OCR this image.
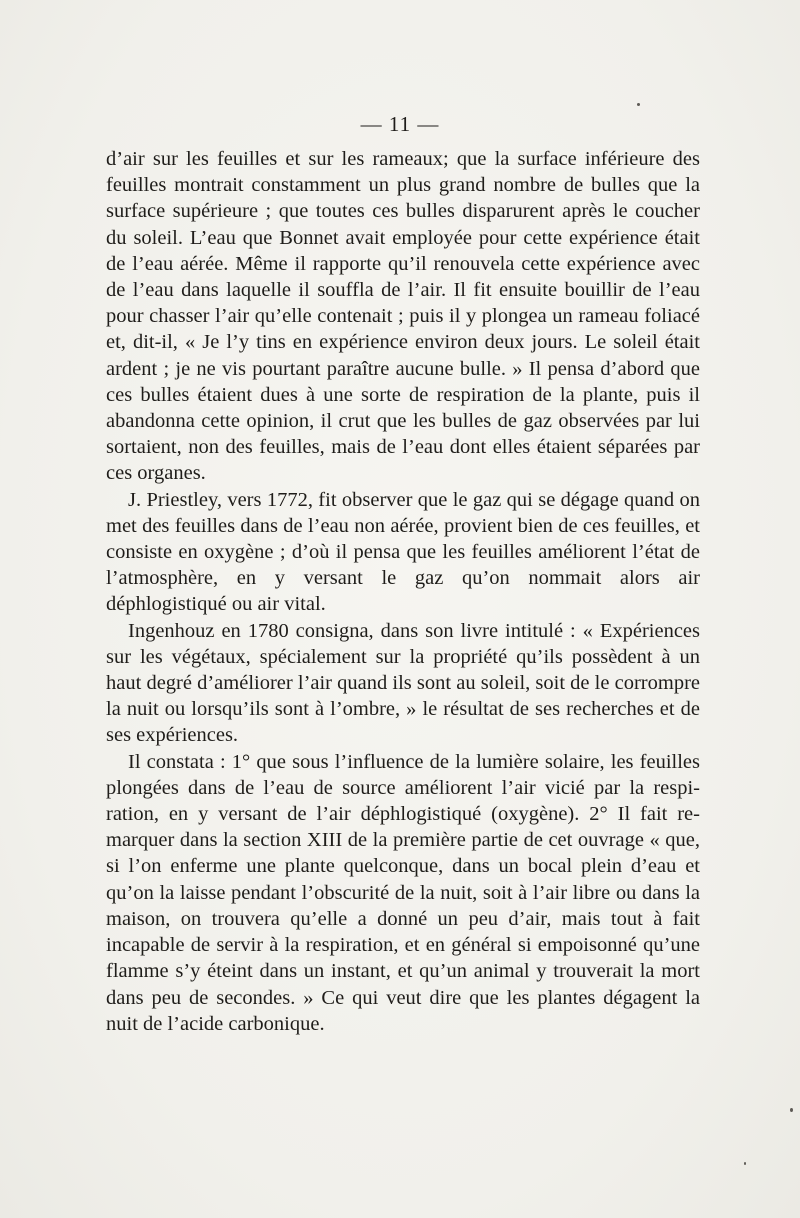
— 11 —

d’air sur les feuilles et sur les rameaux; que la surface inférieure des feuilles montrait constamment un plus grand nombre de bulles que la surface supérieure ; que toutes ces bulles disparurent après le coucher du soleil. L’eau que Bonnet avait employée pour cette expérience était de l’eau aérée. Même il rapporte qu’il renouvela cette expérience avec de l’eau dans laquelle il souffla de l’air. Il fit ensuite bouillir de l’eau pour chasser l’air qu’elle contenait ; puis il y plongea un rameau foliacé et, dit-il, « Je l’y tins en expérience environ deux jours. Le soleil était ardent ; je ne vis pourtant paraître aucune bulle. » Il pensa d’abord que ces bulles étaient dues à une sorte de respiration de la plante, puis il abandonna cette opinion, il crut que les bulles de gaz observées par lui sortaient, non des feuilles, mais de l’eau dont elles étaient séparées par ces organes.

J. Priestley, vers 1772, fit observer que le gaz qui se dégage quand on met des feuilles dans de l’eau non aérée, provient bien de ces feuilles, et consiste en oxygène ; d’où il pensa que les feuilles améliorent l’état de l’atmosphère, en y versant le gaz qu’on nommait alors air déphlogistiqué ou air vital.

Ingenhouz en 1780 consigna, dans son livre intitulé : « Expériences sur les végétaux, spécialement sur la propriété qu’ils possèdent à un haut degré d’améliorer l’air quand ils sont au soleil, soit de le corrompre la nuit ou lorsqu’ils sont à l’ombre, » le résultat de ses recherches et de ses expériences.

Il constata : 1° que sous l’influence de la lumière solaire, les feuilles plongées dans de l’eau de source améliorent l’air vicié par la respiration, en y versant de l’air déphlogistiqué (oxygène). 2° Il fait remarquer dans la section XIII de la première partie de cet ouvrage « que, si l’on enferme une plante quelconque, dans un bocal plein d’eau et qu’on la laisse pendant l’obscurité de la nuit, soit à l’air libre ou dans la maison, on trouvera qu’elle a donné un peu d’air, mais tout à fait incapable de servir à la respiration, et en général si empoisonné qu’une flamme s’y éteint dans un instant, et qu’un animal y trouverait la mort dans peu de secondes. » Ce qui veut dire que les plantes dégagent la nuit de l’acide carbonique.
